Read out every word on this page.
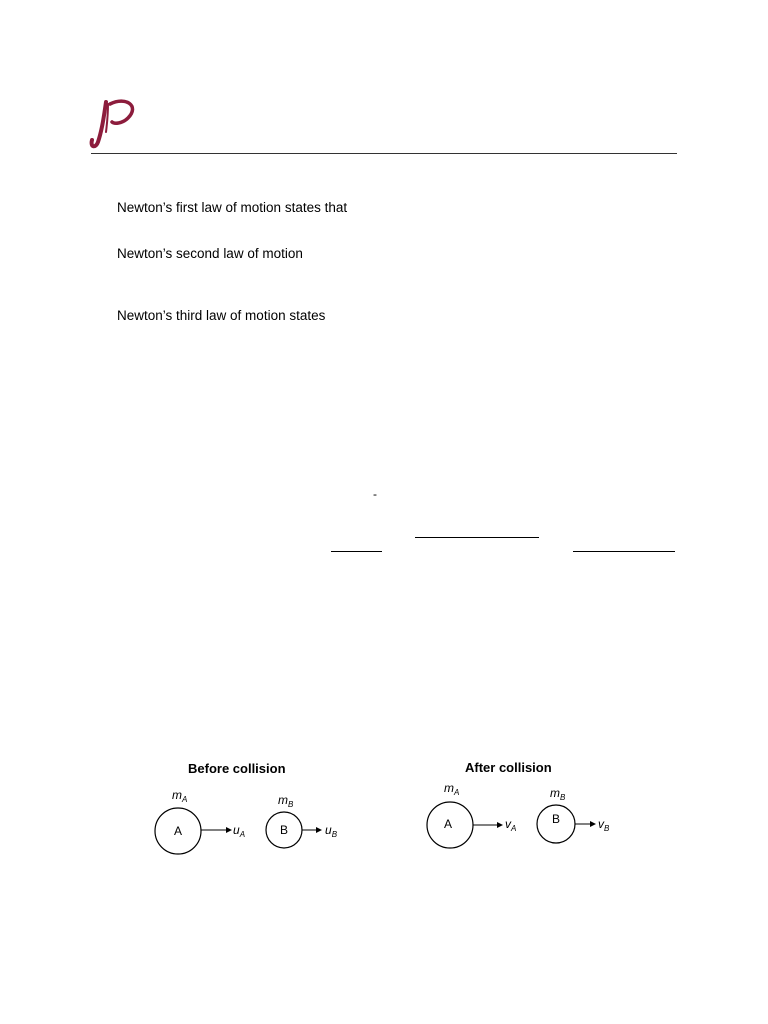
Newton’s first law of motion states that
Newton’s second law of motion
Newton’s third law of motion states
-
Before collision
$m_A$	$m_B$
A	$u_A$	B	$u_B$
After collision
$m_A$	$m_B$
A	$v_A$
B	$v_B$
